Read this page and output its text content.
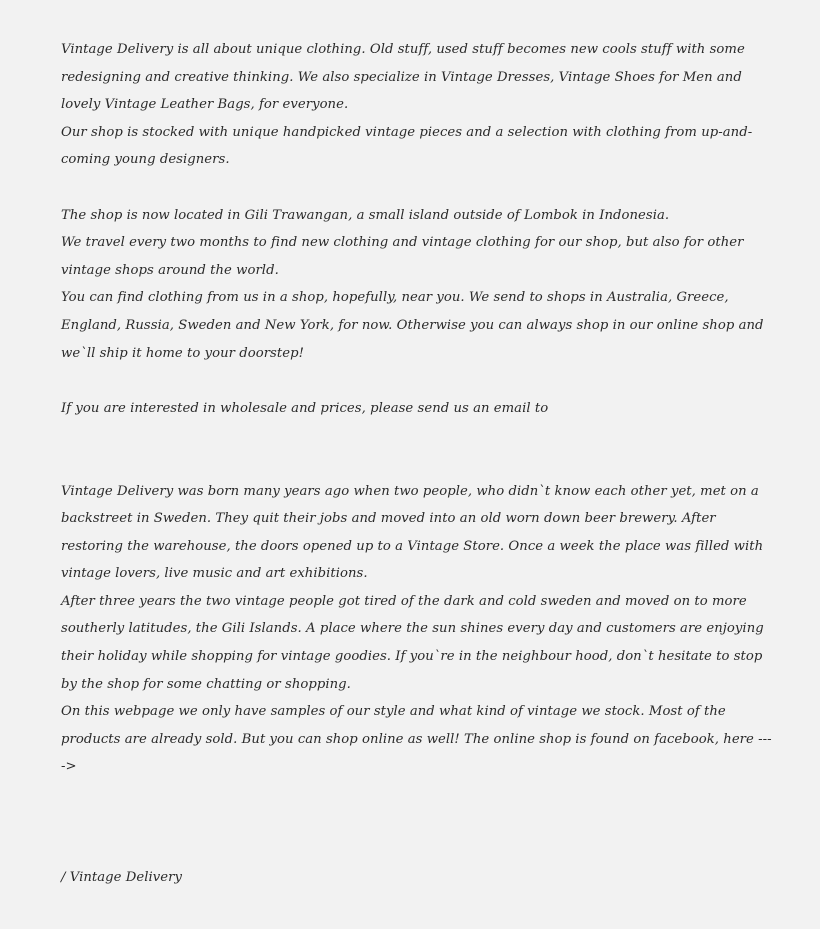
Vintage Delivery is all about unique clothing. Old stuff, used stuff becomes new cools stuff with some redesigning and creative thinking. We also specialize in Vintage Dresses, Vintage Shoes for Men and lovely Vintage Leather Bags, for everyone.

Our shop is stocked with unique handpicked vintage pieces and a selection with clothing from up-and-coming young designers.

The shop is now located in Gili Trawangan, a small island outside of Lombok in Indonesia.

We travel every two months to find new clothing and vintage clothing for our shop, but also for other vintage shops around the world.

You can find clothing from us in a shop, hopefully, near you. We send to shops in Australia, Greece, England, Russia, Sweden and New York, for now. Otherwise you can always shop in our online shop and we`ll ship it home to your doorstep!

If you are interested in wholesale and prices, please send us an email to

Vintage Delivery was born many years ago when two people, who didn`t know each other yet, met on a backstreet in Sweden. They quit their jobs and moved into an old worn down beer brewery. After restoring the warehouse, the doors opened up to a Vintage Store. Once a week the place was filled with vintage lovers, live music and art exhibitions.

After three years the two vintage people got tired of the dark and cold sweden and moved on to more southerly latitudes, the Gili Islands. A place where the sun shines every day and customers are enjoying their holiday while shopping for vintage goodies. If you`re in the neighbour hood, don`t hesitate to stop by the shop for some chatting or shopping.

On this webpage we only have samples of our style and what kind of vintage we stock. Most of the products are already sold. But you can shop online as well! The online shop is found on facebook, here ---->

/ Vintage Delivery
